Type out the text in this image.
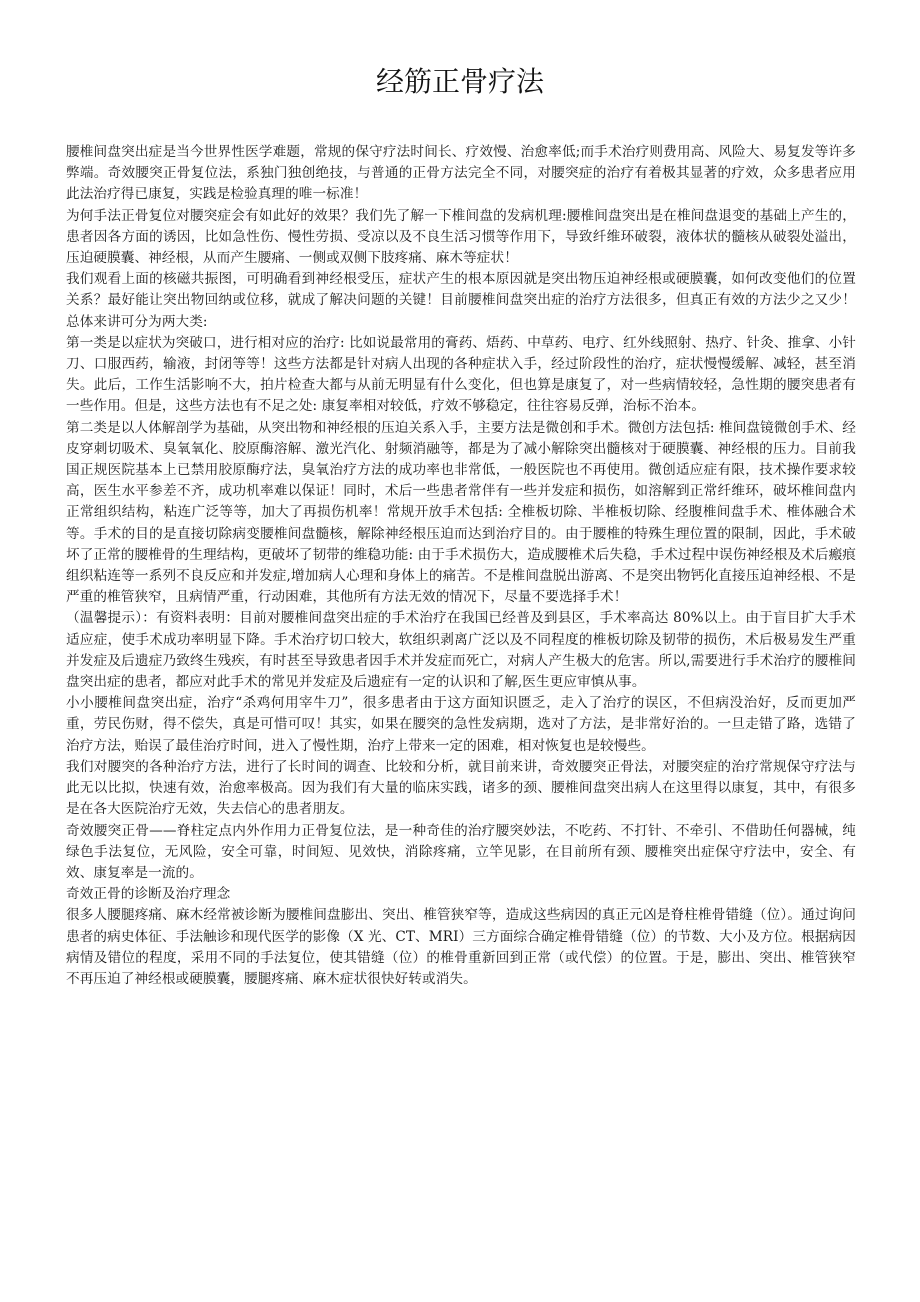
经筋正骨疗法

腰椎间盘突出症是当今世界性医学难题，常规的保守疗法时间长、疗效慢、治愈率低;而手术治疗则费用高、风险大、易复发等许多弊端。奇效腰突正骨复位法，系独门独创绝技，与普通的正骨方法完全不同，对腰突症的治疗有着极其显著的疗效，众多患者应用此法治疗得已康复，实践是检验真理的唯一标准！

为何手法正骨复位对腰突症会有如此好的效果？我们先了解一下椎间盘的发病机理:腰椎间盘突出是在椎间盘退变的基础上产生的，患者因各方面的诱因，比如急性伤、慢性劳损、受凉以及不良生活习惯等作用下，导致纤维环破裂，液体状的髓核从破裂处溢出，压迫硬膜囊、神经根，从而产生腰痛、一侧或双侧下肢疼痛、麻木等症状！

我们观看上面的核磁共振图，可明确看到神经根受压，症状产生的根本原因就是突出物压迫神经根或硬膜囊，如何改变他们的位置关系？最好能让突出物回纳或位移，就成了解决问题的关键！目前腰椎间盘突出症的治疗方法很多，但真正有效的方法少之又少！总体来讲可分为两大类:

第一类是以症状为突破口，进行相对应的治疗: 比如说最常用的膏药、焐药、中草药、电疗、红外线照射、热疗、针灸、推拿、小针刀、口服西药，输液，封闭等等！这些方法都是针对病人出现的各种症状入手，经过阶段性的治疗，症状慢慢缓解、减轻，甚至消失。此后，工作生活影响不大，拍片检查大都与从前无明显有什么变化，但也算是康复了，对一些病情较轻，急性期的腰突患者有一些作用。但是，这些方法也有不足之处: 康复率相对较低，疗效不够稳定，往往容易反弹，治标不治本。

第二类是以人体解剖学为基础，从突出物和神经根的压迫关系入手，主要方法是微创和手术。微创方法包括: 椎间盘镜微创手术、经皮穿刺切吸术、臭氧氧化、胶原酶溶解、激光汽化、射频消融等，都是为了减小解除突出髓核对于硬膜囊、神经根的压力。目前我国正规医院基本上已禁用胶原酶疗法，臭氧治疗方法的成功率也非常低，一般医院也不再使用。微创适应症有限，技术操作要求较高，医生水平参差不齐，成功机率难以保证！同时，术后一些患者常伴有一些并发症和损伤，如溶解到正常纤维环，破坏椎间盘内正常组织结构，粘连广泛等等，加大了再损伤机率！常规开放手术包括: 全椎板切除、半椎板切除、经腹椎间盘手术、椎体融合术等。手术的目的是直接切除病变腰椎间盘髓核，解除神经根压迫而达到治疗目的。由于腰椎的特殊生理位置的限制，因此，手术破坏了正常的腰椎骨的生理结构，更破坏了韧带的维稳功能: 由于手术损伤大，造成腰椎术后失稳，手术过程中误伤神经根及术后瘢痕组织粘连等一系列不良反应和并发症,增加病人心理和身体上的痛苦。不是椎间盘脱出游离、不是突出物钙化直接压迫神经根、不是严重的椎管狭窄，且病情严重，行动困难，其他所有方法无效的情况下，尽量不要选择手术！

（温馨提示）：有资料表明：目前对腰椎间盘突出症的手术治疗在我国已经普及到县区，手术率高达 80%以上。由于盲目扩大手术适应症，使手术成功率明显下降。手术治疗切口较大，软组织剥离广泛以及不同程度的椎板切除及韧带的损伤，术后极易发生严重并发症及后遗症乃致终生残疾，有时甚至导致患者因手术并发症而死亡，对病人产生极大的危害。所以,需要进行手术治疗的腰椎间盘突出症的患者，都应对此手术的常见并发症及后遗症有一定的认识和了解,医生更应审慎从事。

小小腰椎间盘突出症，治疗“杀鸡何用宰牛刀”，很多患者由于这方面知识匮乏，走入了治疗的误区，不但病没治好，反而更加严重，劳民伤财，得不偿失，真是可惜可叹！其实，如果在腰突的急性发病期，选对了方法，是非常好治的。一旦走错了路，选错了治疗方法，贻误了最佳治疗时间，进入了慢性期，治疗上带来一定的困难，相对恢复也是较慢些。

我们对腰突的各种治疗方法，进行了长时间的调查、比较和分析，就目前来讲，奇效腰突正骨法，对腰突症的治疗常规保守疗法与此无以比拟，快速有效，治愈率极高。因为我们有大量的临床实践，诸多的颈、腰椎间盘突出病人在这里得以康复，其中，有很多是在各大医院治疗无效，失去信心的患者朋友。

奇效腰突正骨——脊柱定点内外作用力正骨复位法，是一种奇佳的治疗腰突妙法，不吃药、不打针、不牵引、不借助任何器械，纯绿色手法复位，无风险，安全可靠，时间短、见效快，消除疼痛，立竿见影，在目前所有颈、腰椎突出症保守疗法中，安全、有效、康复率是一流的。

奇效正骨的诊断及治疗理念

很多人腰腿疼痛、麻木经常被诊断为腰椎间盘膨出、突出、椎管狭窄等，造成这些病因的真正元凶是脊柱椎骨错缝（位）。通过询问患者的病史体征、手法触诊和现代医学的影像（X 光、CT、MRI）三方面综合确定椎骨错缝（位）的节数、大小及方位。根据病因病情及错位的程度，采用不同的手法复位，使其错缝（位）的椎骨重新回到正常（或代偿）的位置。于是，膨出、突出、椎管狭窄不再压迫了神经根或硬膜囊，腰腿疼痛、麻木症状很快好转或消失。
